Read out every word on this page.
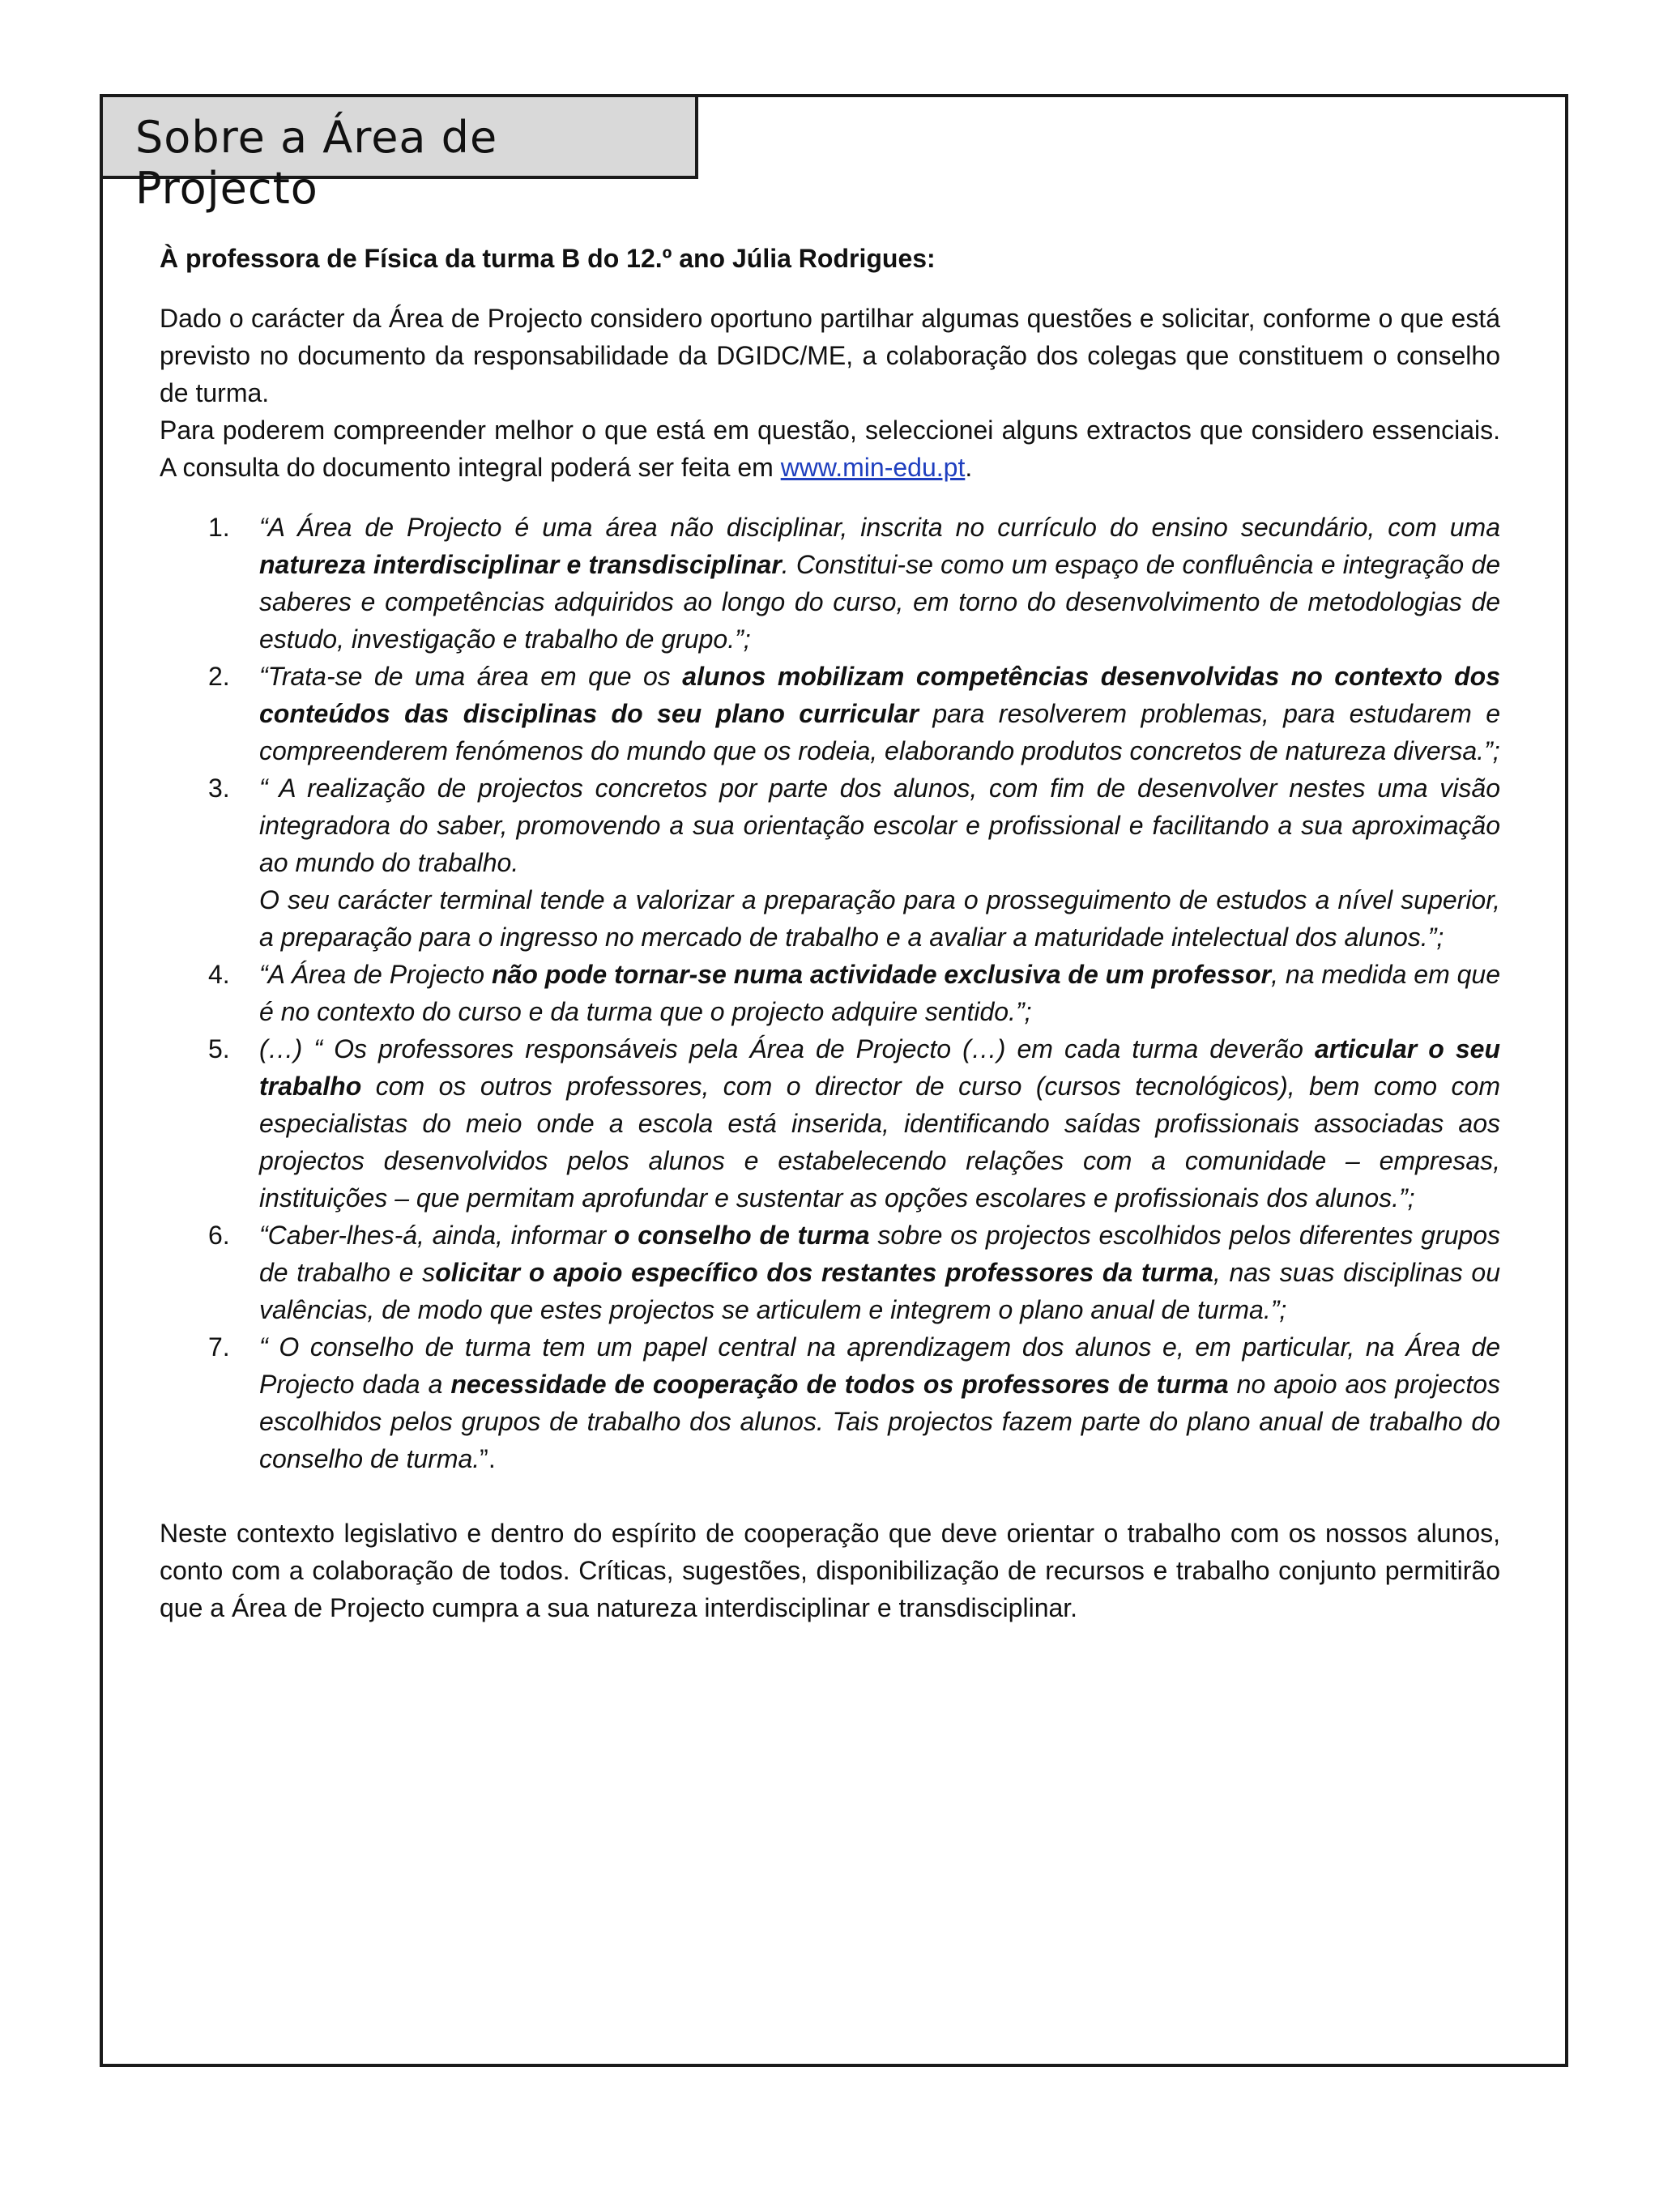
Sobre a Área de Projecto

À professora de Física da turma B do 12.º ano Júlia Rodrigues:

Dado o carácter da Área de Projecto considero oportuno partilhar algumas questões e solicitar, conforme o que está previsto no documento da responsabilidade da DGIDC/ME, a colaboração dos colegas que constituem o conselho de turma.

Para poderem compreender melhor o que está em questão, seleccionei alguns extractos que considero essenciais. A consulta do documento integral poderá ser feita em www.min-edu.pt.

1. “A Área de Projecto é uma área não disciplinar, inscrita no currículo do ensino secundário, com uma natureza interdisciplinar e transdisciplinar. Constitui-se como um espaço de confluência e integração de saberes e competências adquiridos ao longo do curso, em torno do desenvolvimento de metodologias de estudo, investigação e trabalho de grupo.”;
2. “Trata-se de uma área em que os alunos mobilizam competências desenvolvidas no contexto dos conteúdos das disciplinas do seu plano curricular para resolverem problemas, para estudarem e compreenderem fenómenos do mundo que os rodeia, elaborando produtos concretos de natureza diversa.”;
3. “ A realização de projectos concretos por parte dos alunos, com fim de desenvolver nestes uma visão integradora do saber, promovendo a sua orientação escolar e profissional e facilitando a sua aproximação ao mundo do trabalho.
O seu carácter terminal tende a valorizar a preparação para o prosseguimento de estudos a nível superior, a preparação para o ingresso no mercado de trabalho e a avaliar a maturidade intelectual dos alunos.”;
4. “A Área de Projecto não pode tornar-se numa actividade exclusiva de um professor, na medida em que é no contexto do curso e da turma que o projecto adquire sentido.”;
5. (…) “ Os professores responsáveis pela Área de Projecto (…) em cada turma deverão articular o seu trabalho com os outros professores, com o director de curso (cursos tecnológicos), bem como com especialistas do meio onde a escola está inserida, identificando saídas profissionais associadas aos projectos desenvolvidos pelos alunos e estabelecendo relações com a comunidade – empresas, instituições – que permitam aprofundar e sustentar as opções escolares e profissionais dos alunos.”;
6. “Caber-lhes-á, ainda, informar o conselho de turma sobre os projectos escolhidos pelos diferentes grupos de trabalho e solicitar o apoio específico dos restantes professores da turma, nas suas disciplinas ou valências, de modo que estes projectos se articulem e integrem o plano anual de turma.”;
7. “ O conselho de turma tem um papel central na aprendizagem dos alunos e, em particular, na Área de Projecto dada a necessidade de cooperação de todos os professores de turma no apoio aos projectos escolhidos pelos grupos de trabalho dos alunos. Tais projectos fazem parte do plano anual de trabalho do conselho de turma.”.

Neste contexto legislativo e dentro do espírito de cooperação que deve orientar o trabalho com os nossos alunos, conto com a colaboração de todos. Críticas, sugestões, disponibilização de recursos e trabalho conjunto permitirão que a Área de Projecto cumpra a sua natureza interdisciplinar e transdisciplinar.
